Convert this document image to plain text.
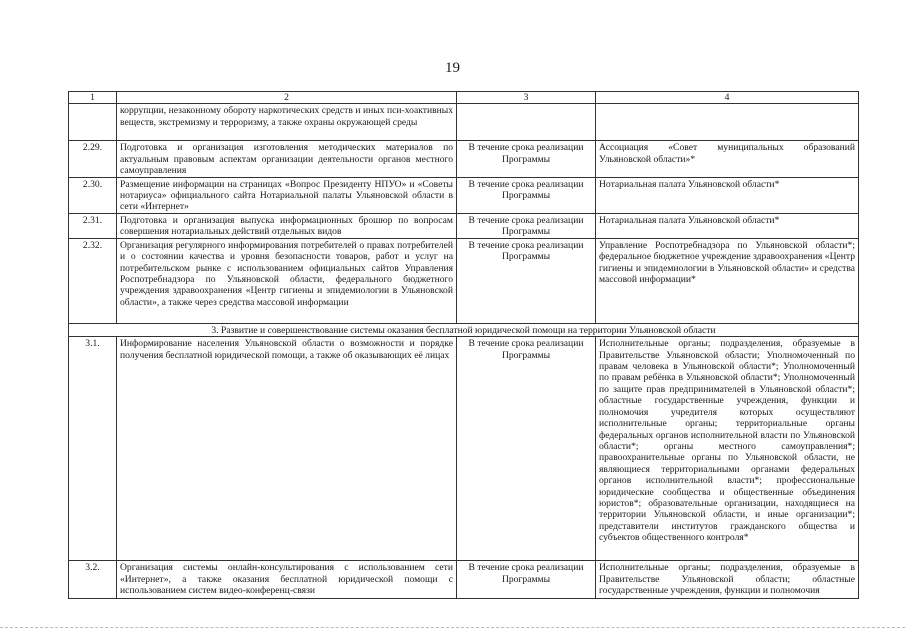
19
1	2	3	4
	коррупции, незаконному обороту наркотических средств и иных пси-хоактивных веществ, экстремизму и терроризму, а также охраны окружающей среды		
2.29.	Подготовка и организация изготовления методических материалов по актуальным правовым аспектам организации деятельности органов местного самоуправления	В течение срока реализации Программы	Ассоциация «Совет муниципальных образований Ульяновской области»*
2.30.	Размещение информации на страницах «Вопрос Президенту НПУО» и «Советы нотариуса» официального сайта Нотариальной палаты Ульяновской области в сети «Интернет»	В течение срока реализации Программы	Нотариальная палата Ульяновской области*
2.31.	Подготовка и организация выпуска информационных брошюр по вопросам совершения нотариальных действий отдельных видов	В течение срока реализации Программы	Нотариальная палата Ульяновской области*
2.32.	Организация регулярного информирования потребителей о правах потребителей и о состоянии качества и уровня безопасности товаров, работ и услуг на потребительском рынке с использованием официальных сайтов Управления Роспотребнадзора по Ульяновской области, федерального бюджетного учреждения здравоохранения «Центр гигиены и эпидемиологии в Ульяновской области», а также через средства массовой информации	В течение срока реализации Программы	Управление Роспотребнадзора по Ульяновской области*; федеральное бюджетное учреждение здравоохранения «Центр гигиены и эпидемиологии в Ульяновской области» и средства массовой информации*
3. Развитие и совершенствование системы оказания бесплатной юридической помощи на территории Ульяновской области			
3.1.	Информирование населения Ульяновской области о возможности и порядке получения бесплатной юридической помощи, а также об оказывающих её лицах	В течение срока реализации Программы	Исполнительные органы; подразделения, образуемые в Правительстве Ульяновской области; Уполномоченный по правам человека в Ульяновской области*; Уполномоченный по правам ребёнка в Ульяновской области*; Уполномоченный по защите прав предпринимателей в Ульяновской области*; областные государственные учреждения, функции и полномочия учредителя которых осуществляют исполнительные органы; территориальные органы федеральных органов исполнительной власти по Ульяновской области*; органы местного самоуправления*; правоохранительные органы по Ульяновской области, не являющиеся территориальными органами федеральных органов исполнительной власти*; профессиональные юридические сообщества и общественные объединения юристов*; образовательные организации, находящиеся на территории Ульяновской области, и иные организации*; представители институтов гражданского общества и субъектов общественного контроля*
3.2.	Организация системы онлайн-консультирования с использованием сети «Интернет», а также оказания бесплатной юридической помощи с использованием систем видео-конференц-связи	В течение срока реализации Программы	Исполнительные органы; подразделения, образуемые в Правительстве Ульяновской области; областные государственные учреждения, функции и полномочия
